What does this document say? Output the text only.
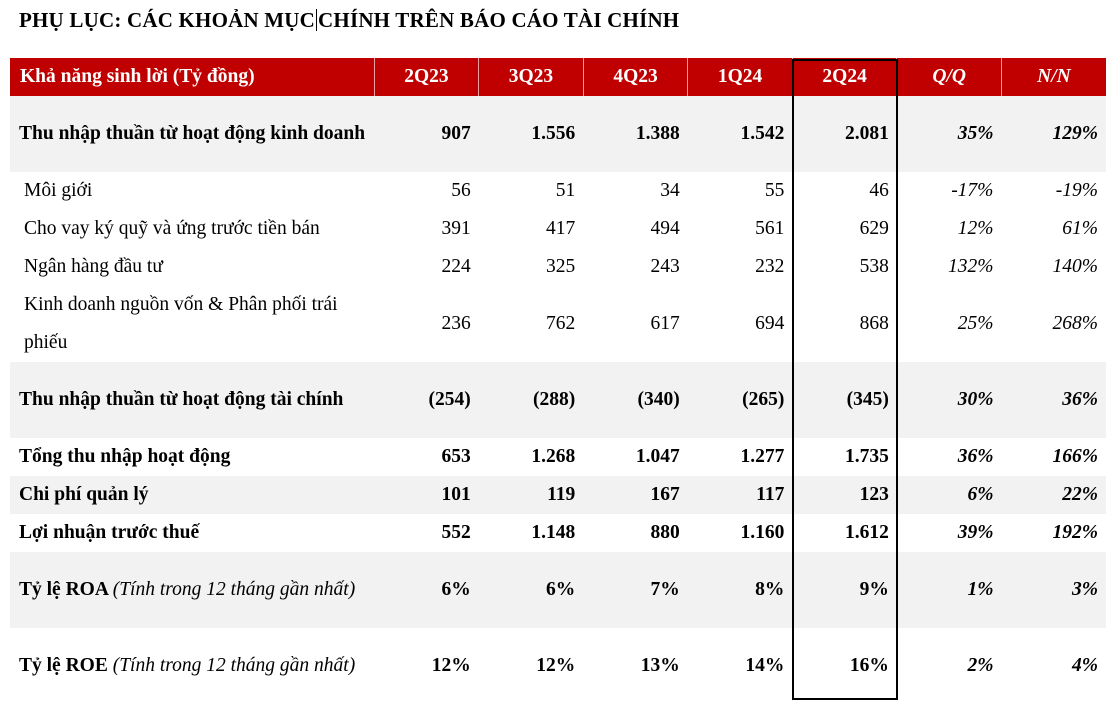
PHỤ LỤC: CÁC KHOẢN MỤC CHÍNH TRÊN BÁO CÁO TÀI CHÍNH
Khả năng sinh lời (Tỷ đồng)	2Q23	3Q23	4Q23	1Q24	2Q24	Q/Q	N/N
Thu nhập thuần từ hoạt động kinh doanh	907	1.556	1.388	1.542	2.081	35%	129%
Môi giới	56	51	34	55	46	-17%	-19%
Cho vay ký quỹ và ứng trước tiền bán	391	417	494	561	629	12%	61%
Ngân hàng đầu tư	224	325	243	232	538	132%	140%
Kinh doanh nguồn vốn & Phân phối trái phiếu	236	762	617	694	868	25%	268%
Thu nhập thuần từ hoạt động tài chính	(254)	(288)	(340)	(265)	(345)	30%	36%
Tổng thu nhập hoạt động	653	1.268	1.047	1.277	1.735	36%	166%
Chi phí quản lý	101	119	167	117	123	6%	22%
Lợi nhuận trước thuế	552	1.148	880	1.160	1.612	39%	192%
Tỷ lệ ROA (Tính trong 12 tháng gần nhất)	6%	6%	7%	8%	9%	1%	3%
Tỷ lệ ROE (Tính trong 12 tháng gần nhất)	12%	12%	13%	14%	16%	2%	4%
